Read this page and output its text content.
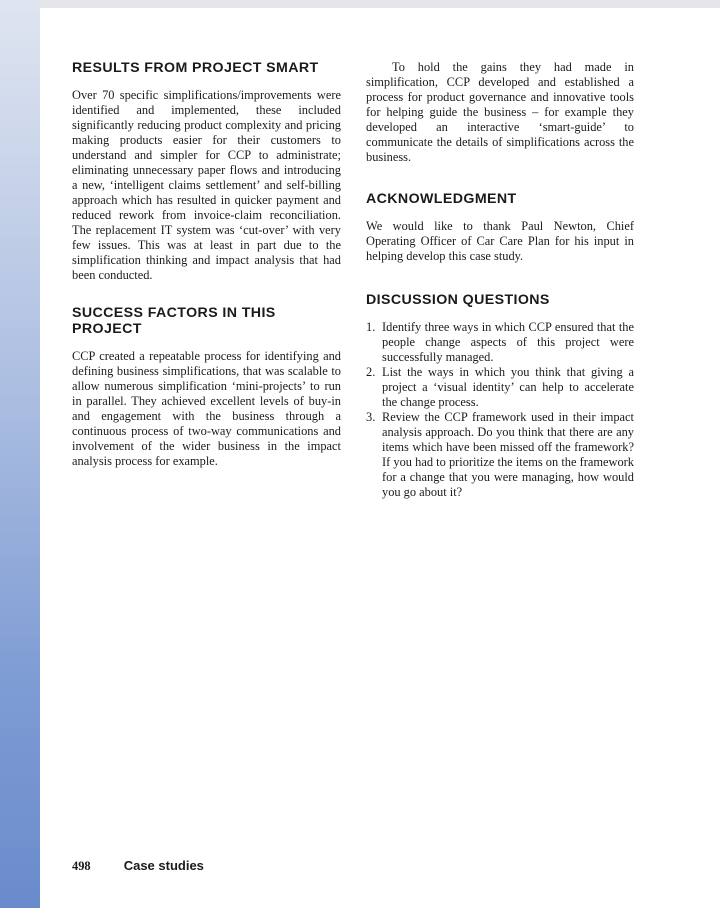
RESULTS FROM PROJECT SMART

Over 70 specific simplifications/improvements were identified and implemented, these included significantly reducing product complexity and pricing making products easier for their customers to understand and simpler for CCP to administrate; eliminating unnecessary paper flows and introducing a new, ‘intelligent claims settlement’ and self-billing approach which has resulted in quicker payment and reduced rework from invoice-claim reconciliation. The replacement IT system was ‘cut-over’ with very few issues. This was at least in part due to the simplification thinking and impact analysis that had been conducted.

SUCCESS FACTORS IN THIS PROJECT

CCP created a repeatable process for identifying and defining business simplifications, that was scalable to allow numerous simplification ‘mini-projects’ to run in parallel. They achieved excellent levels of buy-in and engagement with the business through a continuous process of two-way communications and involvement of the wider business in the impact analysis process for example.

To hold the gains they had made in simplification, CCP developed and established a process for product governance and innovative tools for helping guide the business – for example they developed an interactive ‘smart-guide’ to communicate the details of simplifications across the business.

ACKNOWLEDGMENT

We would like to thank Paul Newton, Chief Operating Officer of Car Care Plan for his input in helping develop this case study.

DISCUSSION QUESTIONS
1. Identify three ways in which CCP ensured that the people change aspects of this project were successfully managed.
2. List the ways in which you think that giving a project a ‘visual identity’ can help to accelerate the change process.
3. Review the CCP framework used in their impact analysis approach. Do you think that there are any items which have been missed off the framework? If you had to prioritize the items on the framework for a change that you were managing, how would you go about it?
498	Case studies
